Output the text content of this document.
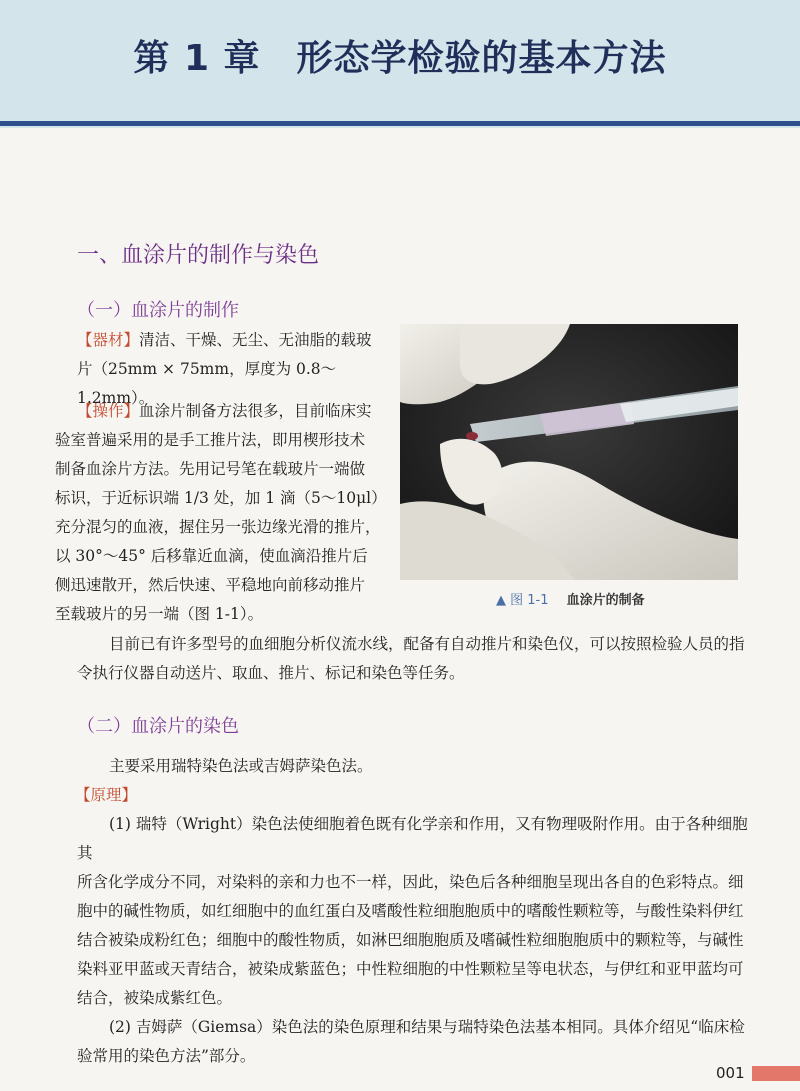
第 1 章 形态学检验的基本方法
一、血涂片的制作与染色
（一）血涂片的制作
【器材】清洁、干燥、无尘、无油脂的载玻
片（25mm × 75mm，厚度为 0.8～1.2mm）。
【操作】血涂片制备方法很多，目前临床实
验室普遍采用的是手工推片法，即用楔形技术
制备血涂片方法。先用记号笔在载玻片一端做
标识，于近标识端 1/3 处，加 1 滴（5～10μl）
充分混匀的血液，握住另一张边缘光滑的推片，
以 30°～45° 后移靠近血滴，使血滴沿推片后
侧迅速散开，然后快速、平稳地向前移动推片
至载玻片的另一端（图 1-1）。
▲ 图 1-1 血涂片的制备
目前已有许多型号的血细胞分析仪流水线，配备有自动推片和染色仪，可以按照检验人员的指
令执行仪器自动送片、取血、推片、标记和染色等任务。
（二）血涂片的染色
主要采用瑞特染色法或吉姆萨染色法。
【原理】
(1) 瑞特（Wright）染色法使细胞着色既有化学亲和作用，又有物理吸附作用。由于各种细胞其
所含化学成分不同，对染料的亲和力也不一样，因此，染色后各种细胞呈现出各自的色彩特点。细
胞中的碱性物质，如红细胞中的血红蛋白及嗜酸性粒细胞胞质中的嗜酸性颗粒等，与酸性染料伊红
结合被染成粉红色；细胞中的酸性物质，如淋巴细胞胞质及嗜碱性粒细胞胞质中的颗粒等，与碱性
染料亚甲蓝或天青结合，被染成紫蓝色；中性粒细胞的中性颗粒呈等电状态，与伊红和亚甲蓝均可
结合，被染成紫红色。
(2) 吉姆萨（Giemsa）染色法的染色原理和结果与瑞特染色法基本相同。具体介绍见“临床检
验常用的染色方法”部分。
001
